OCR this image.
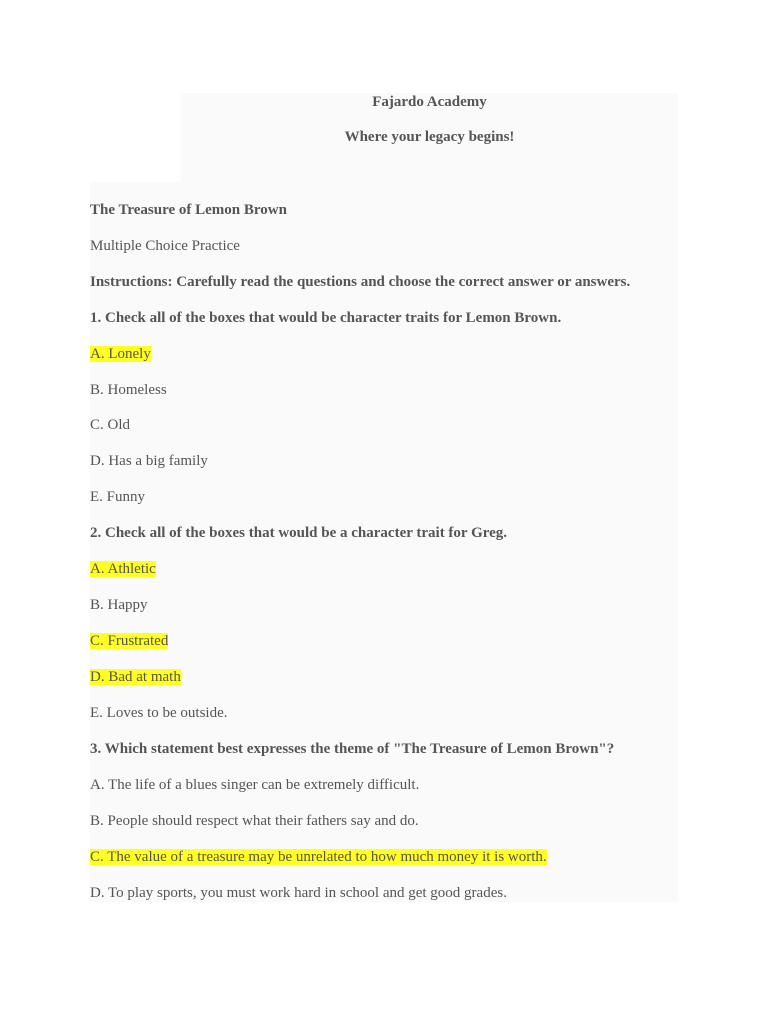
Fajardo Academy
Where your legacy begins!
The Treasure of Lemon Brown
Multiple Choice Practice
Instructions: Carefully read the questions and choose the correct answer or answers.
1. Check all of the boxes that would be character traits for Lemon Brown.
A. Lonely
B. Homeless
C. Old
D. Has a big family
E. Funny
2. Check all of the boxes that would be a character trait for Greg.
A. Athletic
B. Happy
C. Frustrated
D. Bad at math
E. Loves to be outside.
3. Which statement best expresses the theme of "The Treasure of Lemon Brown"?
A. The life of a blues singer can be extremely difficult.
B. People should respect what their fathers say and do.
C. The value of a treasure may be unrelated to how much money it is worth.
D. To play sports, you must work hard in school and get good grades.
